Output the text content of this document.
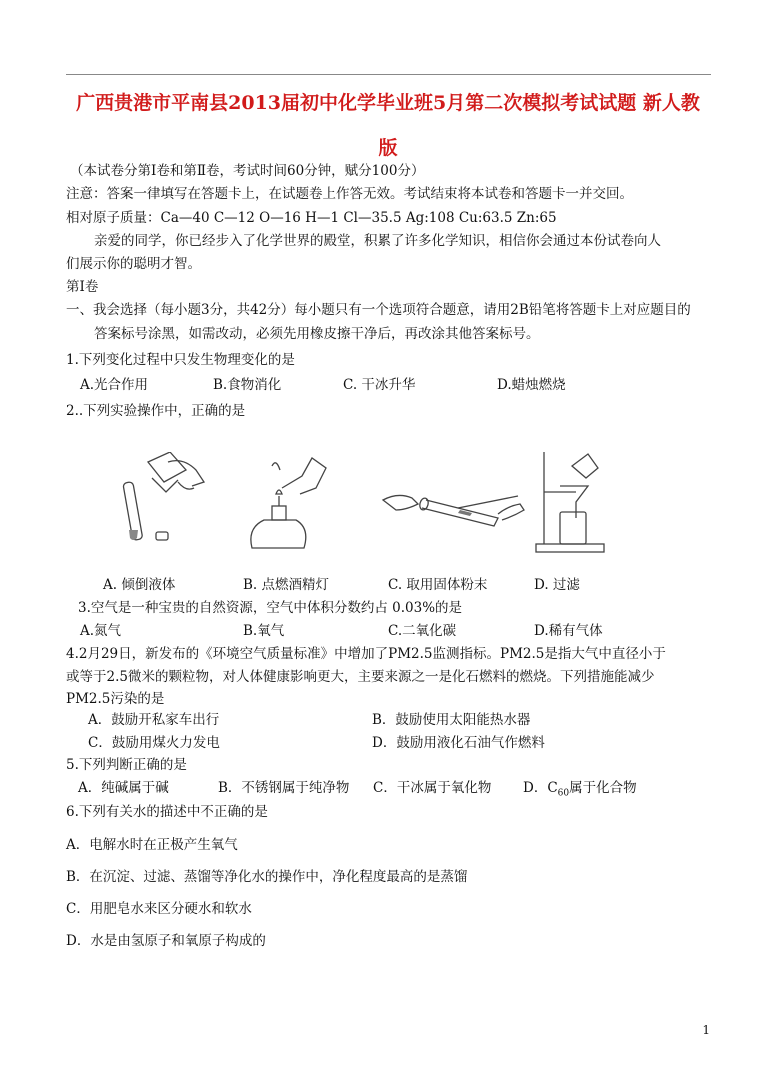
广西贵港市平南县2013届初中化学毕业班5月第二次模拟考试试题 新人教
版
（本试卷分第Ⅰ卷和第Ⅱ卷，考试时间60分钟，赋分100分）
注意：答案一律填写在答题卡上，在试题卷上作答无效。考试结束将本试卷和答题卡一并交回。
相对原子质量：Ca—40 C—12 O—16 H—1 Cl—35.5 Ag:108 Cu:63.5 Zn:65
亲爱的同学，你已经步入了化学世界的殿堂，积累了许多化学知识，相信你会通过本份试卷向人
们展示你的聪明才智。
第Ⅰ卷
一、我会选择（每小题3分，共42分）每小题只有一个选项符合题意，请用2B铅笔将答题卡上对应题目的
答案标号涂黑，如需改动，必须先用橡皮擦干净后，再改涂其他答案标号。
1.下列变化过程中只发生物理变化的是
A.光合作用	B.食物消化	C. 干冰升华	D.蜡烛燃烧
2..下列实验操作中，正确的是
A. 倾倒液体	B. 点燃酒精灯	C. 取用固体粉末	D. 过滤
3.空气是一种宝贵的自然资源，空气中体积分数约占 0.03%的是
A.氮气	B.氧气	C.二氧化碳	D.稀有气体
4.2月29日，新发布的《环境空气质量标准》中增加了PM2.5监测指标。PM2.5是指大气中直径小于
或等于2.5微米的颗粒物，对人体健康影响更大，主要来源之一是化石燃料的燃烧。下列措施能减少
PM2.5污染的是
A．鼓励开私家车出行	B．鼓励使用太阳能热水器
C．鼓励用煤火力发电	D．鼓励用液化石油气作燃料
5.下列判断正确的是
A．纯碱属于碱	B．不锈钢属于纯净物 C．干冰属于氧化物 D．$C_{60}$属于化合物
6.下列有关水的描述中不正确的是
A．电解水时在正极产生氧气
B．在沉淀、过滤、蒸馏等净化水的操作中，净化程度最高的是蒸馏
C．用肥皂水来区分硬水和软水
D．水是由氢原子和氧原子构成的
1
